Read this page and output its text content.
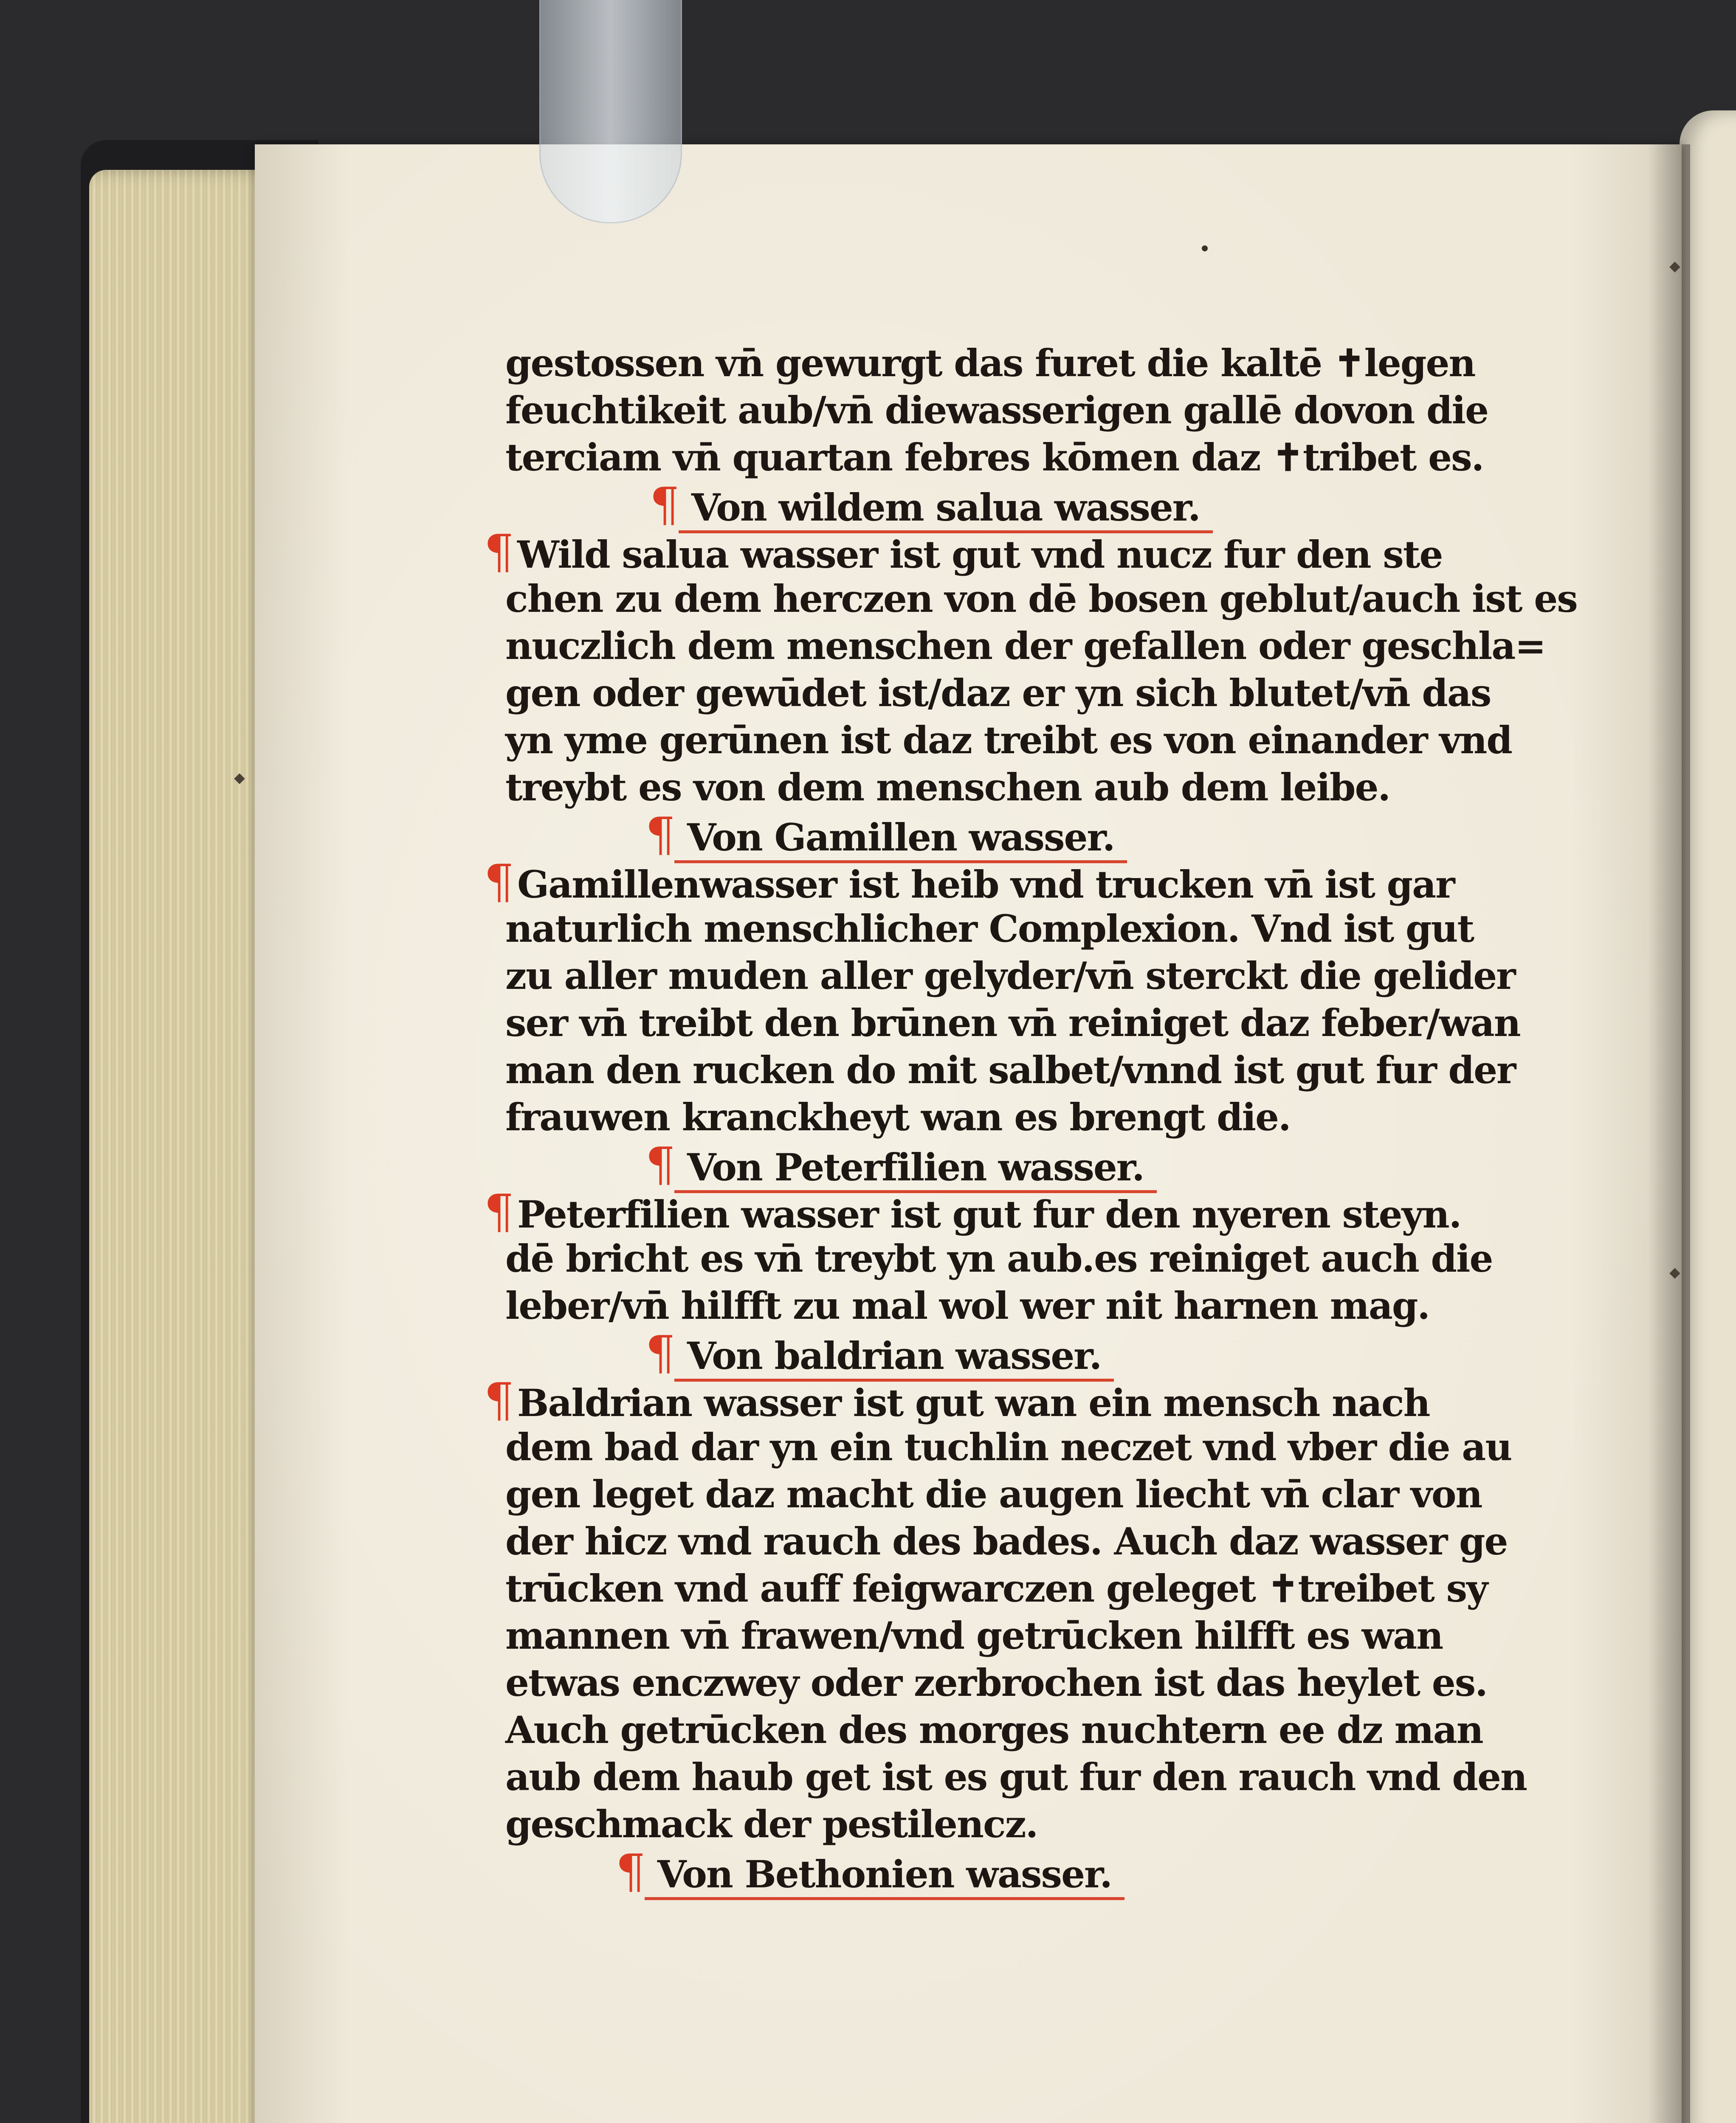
gestossen vn̄ gewurgt das furet die kaltē ✝legen
feuchtikeit aub/vn̄ diewasserigen gallē dovon die
terciam vn̄ quartan febres kōmen daz ✝tribet es.
¶ Von wildem salua wasser.
¶ Wild salua wasser ist gut vnd nucz fur den ste
chen zu dem herczen von dē bosen geblut/auch ist es
nuczlich dem menschen der gefallen oder geschla=
gen oder gewūdet ist/daz er yn sich blutet/vn̄ das
yn yme gerūnen ist daz treibt es von einander vnd
treybt es von dem menschen aub dem leibe.
¶ Von Gamillen wasser.
¶ Gamillenwasser ist heib vnd trucken vn̄ ist gar
naturlich menschlicher Complexion. Vnd ist gut
zu aller muden aller gelyder/vn̄ sterckt die gelider
ser vn̄ treibt den brūnen vn̄ reiniget daz feber/wan
man den rucken do mit salbet/vnnd ist gut fur der
frauwen kranckheyt wan es brengt die.
¶ Von Peterfilien wasser.
¶ Peterfilien wasser ist gut fur den nyeren steyn.
dē bricht es vn̄ treybt yn aub.es reiniget auch die
leber/vn̄ hilfft zu mal wol wer nit harnen mag.
¶ Von baldrian wasser.
¶ Baldrian wasser ist gut wan ein mensch nach
dem bad dar yn ein tuchlin neczet vnd vber die au
gen leget daz macht die augen liecht vn̄ clar von
der hicz vnd rauch des bades. Auch daz wasser ge
trūcken vnd auff feigwarczen geleget ✝treibet sy
mannen vn̄ frawen/vnd getrūcken hilfft es wan
etwas enczwey oder zerbrochen ist das heylet es.
Auch getrūcken des morges nuchtern ee dz man
aub dem haub get ist es gut fur den rauch vnd den
geschmack der pestilencz.
¶ Von Bethonien wasser.
